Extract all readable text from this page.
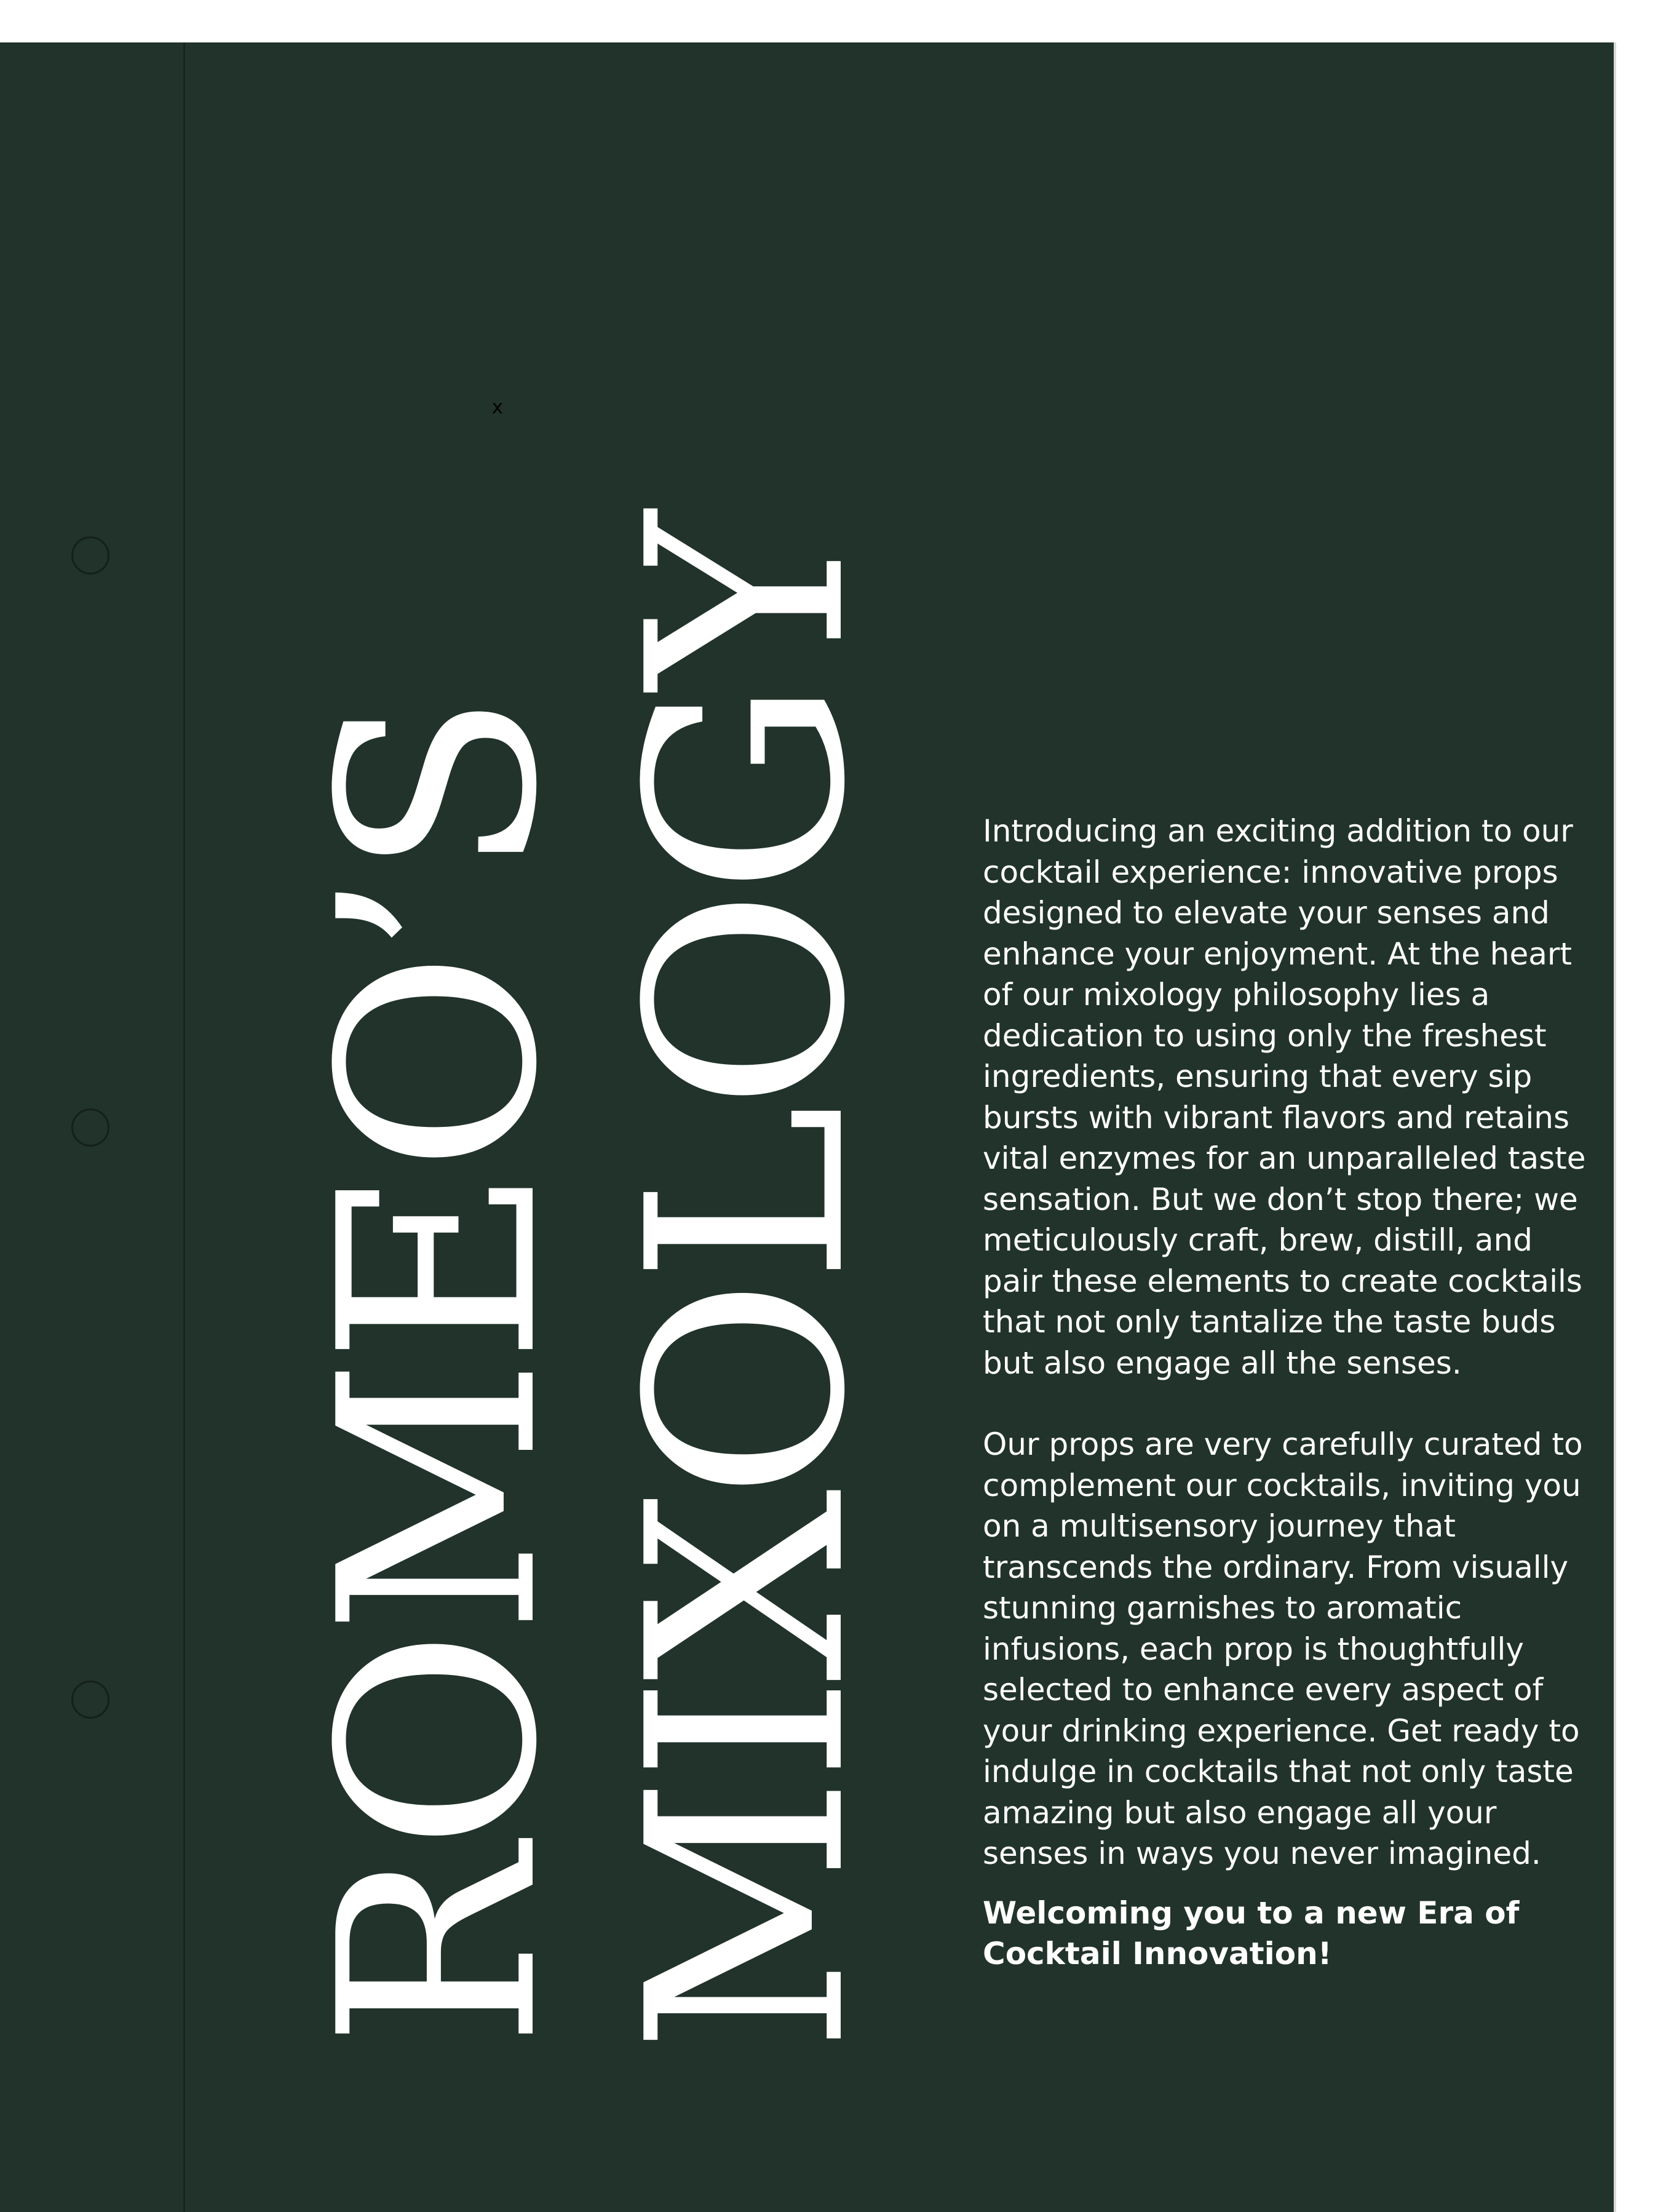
ROMEO’S
MIXOLOGY
x

Introducing an exciting addition to our cocktail experience: innovative props designed to elevate your senses and enhance your enjoyment. At the heart of our mixology philosophy lies a dedication to using only the freshest ingredients, ensuring that every sip bursts with vibrant flavors and retains vital enzymes for an unparalleled taste sensation. But we don’t stop there; we meticulously craft, brew, distill, and pair these elements to create cocktails that not only tantalize the taste buds but also engage all the senses.

Our props are very carefully curated to complement our cocktails, inviting you on a multisensory journey that transcends the ordinary. From visually stunning garnishes to aromatic infusions, each prop is thoughtfully selected to enhance every aspect of your drinking experience. Get ready to indulge in cocktails that not only taste amazing but also engage all your senses in ways you never imagined.

Welcoming you to a new Era of Cocktail Innovation!
